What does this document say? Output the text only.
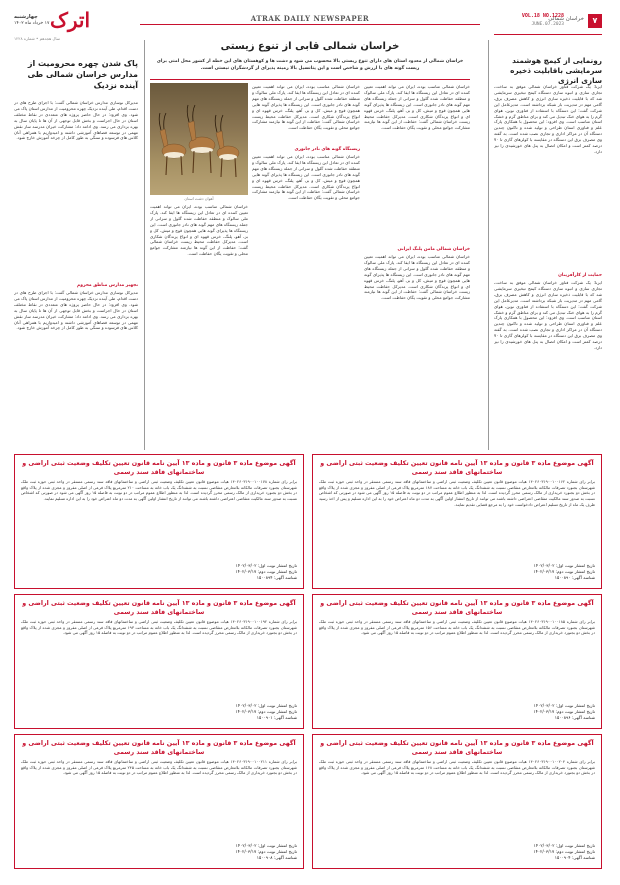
۷
خراسان شمالی
VOL.18 NO.1228
JUNE.07.2023
ATRAK DAILY NEWSPAPER
اترک
چهارشنبه
۱۷ خرداد ماه ۱۴۰۲
سال هجدهم • شماره ۱۲۲۸
رونمایی از کیمچ هوشمند سرمایشی باقابلیت ذخیره سازی انرژی
ایرنا: یک شرکت فناور خراسان شمالی موفق به ساخت، تجاری سازی و انبوه سازی دستگاه کیمچ تبخیری سرمایشی شد که با قابلیت ذخیره سازی انرژی و کاهش مصرف برق، گامی مهم در مدیریت بار شبکه برداشته است. مدیرعامل این شرکت گفت: این دستگاه با استفاده از فناوری نوین، هوای گرم را به هوای خنک تبدیل می کند و برای مناطق گرم و خشک استان مناسب است. وی افزود: این محصول با همکاری پارک علم و فناوری استان طراحی و تولید شده و تاکنون چندین دستگاه آن در مراکز اداری و تجاری نصب شده است. به گفته وی مصرف برق این دستگاه در مقایسه با کولرهای گازی تا ۷۰ درصد کمتر است و امکان اتصال به پنل های خورشیدی را نیز دارد.
حمایت از کارآفرینان
ایرنا: یک شرکت فناور خراسان شمالی موفق به ساخت، تجاری سازی و انبوه سازی دستگاه کیمچ تبخیری سرمایشی شد که با قابلیت ذخیره سازی انرژی و کاهش مصرف برق، گامی مهم در مدیریت بار شبکه برداشته است. مدیرعامل این شرکت گفت: این دستگاه با استفاده از فناوری نوین، هوای گرم را به هوای خنک تبدیل می کند و برای مناطق گرم و خشک استان مناسب است. وی افزود: این محصول با همکاری پارک علم و فناوری استان طراحی و تولید شده و تاکنون چندین دستگاه آن در مراکز اداری و تجاری نصب شده است. به گفته وی مصرف برق این دستگاه در مقایسه با کولرهای گازی تا ۷۰ درصد کمتر است و امکان اتصال به پنل های خورشیدی را نیز دارد.
خراسان شمالی قابی از تنوع زیستی
خراسان شمالی از معدود استان های دارای تنوع زیستی بالا محسوب می شود و دشت ها و کوهستان های این خطه از کشور محل امنی برای زیست گونه های با ارزش و شاخص است و این پتانسیل بالا زمینه پذیرای از گردشگران نیستی است.
آهوان دشت استان
خراسان شمالی مناسب بوده، ایران می تواند اهمیت تعیین کننده ای در تعادل این زیستگاه ها ایفا کند. پارک ملی سالوک و منطقه حفاظت شده گلول و سرانی از جمله زیستگاه های مهم گونه های نادر جانوری است. این زیستگاه ها پذیرای گونه هایی همچون قوچ و میش، کل و بز، آهو، پلنگ، خرس قهوه ای و انواع پرندگان شکاری است. مدیرکل حفاظت محیط زیست خراسان شمالی گفت: حفاظت از این گونه ها نیازمند مشارکت جوامع محلی و تقویت یگان حفاظت است.
زیستگاه گونه های نادر جانوری
خراسان شمالی مناسب بوده، ایران می تواند اهمیت تعیین کننده ای در تعادل این زیستگاه ها ایفا کند. پارک ملی سالوک و منطقه حفاظت شده گلول و سرانی از جمله زیستگاه های مهم گونه های نادر جانوری است. این زیستگاه ها پذیرای گونه هایی همچون قوچ و میش، کل و بز، آهو، پلنگ، خرس قهوه ای و انواع پرندگان شکاری است. مدیرکل حفاظت محیط زیست خراسان شمالی گفت: حفاظت از این گونه ها نیازمند مشارکت جوامع محلی و تقویت یگان حفاظت است.
خراسان شمالی مناسب بوده، ایران می تواند اهمیت تعیین کننده ای در تعادل این زیستگاه ها ایفا کند. پارک ملی سالوک و منطقه حفاظت شده گلول و سرانی از جمله زیستگاه های مهم گونه های نادر جانوری است. این زیستگاه ها پذیرای گونه هایی همچون قوچ و میش، کل و بز، آهو، پلنگ، خرس قهوه ای و انواع پرندگان شکاری است. مدیرکل حفاظت محیط زیست خراسان شمالی گفت: حفاظت از این گونه ها نیازمند مشارکت جوامع محلی و تقویت یگان حفاظت است.
خراسان شمالی مامن پلنگ ایرانی
خراسان شمالی مناسب بوده، ایران می تواند اهمیت تعیین کننده ای در تعادل این زیستگاه ها ایفا کند. پارک ملی سالوک و منطقه حفاظت شده گلول و سرانی از جمله زیستگاه های مهم گونه های نادر جانوری است. این زیستگاه ها پذیرای گونه هایی همچون قوچ و میش، کل و بز، آهو، پلنگ، خرس قهوه ای و انواع پرندگان شکاری است. مدیرکل حفاظت محیط زیست خراسان شمالی گفت: حفاظت از این گونه ها نیازمند مشارکت جوامع محلی و تقویت یگان حفاظت است.
خراسان شمالی مناسب بوده، ایران می تواند اهمیت تعیین کننده ای در تعادل این زیستگاه ها ایفا کند. پارک ملی سالوک و منطقه حفاظت شده گلول و سرانی از جمله زیستگاه های مهم گونه های نادر جانوری است. این زیستگاه ها پذیرای گونه هایی همچون قوچ و میش، کل و بز، آهو، پلنگ، خرس قهوه ای و انواع پرندگان شکاری است. مدیرکل حفاظت محیط زیست خراسان شمالی گفت: حفاظت از این گونه ها نیازمند مشارکت جوامع محلی و تقویت یگان حفاظت است.
پاک شدن چهره محرومیت از مدارس خراسان شمالی طی آینده نزدیک
مدیرکل نوسازی مدارس خراسان شمالی گفت: با اجرای طرح های در دست اقدام، طی آینده نزدیک چهره محرومیت از مدارس استان پاک می شود. وی افزود: در حال حاضر پروژه های متعددی در نقاط مختلف استان در حال اجراست و بخش قابل توجهی از آن ها تا پایان سال به بهره برداری می رسد. وی ادامه داد: مشارکت خیران مدرسه ساز نقش مهمی در توسعه فضاهای آموزشی داشته و امیدواریم با همراهی آنان کلاس های فرسوده و سنگی به طور کامل از چرخه آموزش خارج شود.
تجهیز مدارس مناطق محروم
مدیرکل نوسازی مدارس خراسان شمالی گفت: با اجرای طرح های در دست اقدام، طی آینده نزدیک چهره محرومیت از مدارس استان پاک می شود. وی افزود: در حال حاضر پروژه های متعددی در نقاط مختلف استان در حال اجراست و بخش قابل توجهی از آن ها تا پایان سال به بهره برداری می رسد. وی ادامه داد: مشارکت خیران مدرسه ساز نقش مهمی در توسعه فضاهای آموزشی داشته و امیدواریم با همراهی آنان کلاس های فرسوده و سنگی به طور کامل از چرخه آموزش خارج شود.
آگهی موضوع ماده ۳ قانون و ماده ۱۳ آیین نامه قانون تعیین تکلیف وضعیت ثبتی اراضی و ساختمانهای فاقد سند رسمی
برابر رای شماره ۱۴۰۲۶۰۳۱۹۰۰۱۰۰۱۶۲ هیات موضوع قانون تعیین تکلیف وضعیت ثبتی اراضی و ساختمانهای فاقد سند رسمی مستقر در واحد ثبتی حوزه ثبت ملک شهرستان بجنورد تصرفات مالکانه بلامعارض متقاضی نسبت به ششدانگ یک باب خانه به مساحت ۱۸۷ مترمربع پلاک فرعی از اصلی مفروز و مجزی شده از پلاک واقع در بخش دو بجنورد خریداری از مالک رسمی محرز گردیده است. لذا به منظور اطلاع عموم مراتب در دو نوبت به فاصله ۱۵ روز آگهی می شود در صورتی که اشخاص نسبت به صدور سند مالکیت متقاضی اعتراضی داشته باشند می توانند از تاریخ انتشار اولین آگهی به مدت دو ماه اعتراض خود را به این اداره تسلیم و پس از اخذ رسید ظرف یک ماه از تاریخ تسلیم اعتراض دادخواست خود را به مرجع قضایی تقدیم نمایند.
تاریخ انتشار نوبت اول: ۱۴۰۲/۰۳/۰۲
تاریخ انتشار نوبت دوم: ۱۴۰۲/۰۳/۱۷
شناسه آگهی: ۱۵۰۰۸۹۰
آگهی موضوع ماده ۳ قانون و ماده ۱۳ آیین نامه قانون تعیین تکلیف وضعیت ثبتی اراضی و ساختمانهای فاقد سند رسمی
برابر رای شماره ۱۴۰۲۶۰۳۱۹۰۰۱۰۰۱۷۸ هیات موضوع قانون تعیین تکلیف وضعیت ثبتی اراضی و ساختمانهای فاقد سند رسمی مستقر در واحد ثبتی حوزه ثبت ملک شهرستان بجنورد تصرفات مالکانه بلامعارض متقاضی نسبت به ششدانگ یک باب خانه به مساحت ۲۱۰ مترمربع پلاک فرعی از اصلی مفروز و مجزی شده از پلاک واقع در بخش دو بجنورد خریداری از مالک رسمی محرز گردیده است. لذا به منظور اطلاع عموم مراتب در دو نوبت به فاصله ۱۵ روز آگهی می شود در صورتی که اشخاص نسبت به صدور سند مالکیت متقاضی اعتراضی داشته باشند می توانند از تاریخ انتشار اولین آگهی به مدت دو ماه اعتراض خود را به این اداره تسلیم نمایند.
تاریخ انتشار نوبت اول: ۱۴۰۲/۰۳/۰۲
تاریخ انتشار نوبت دوم: ۱۴۰۲/۰۳/۱۷
شناسه آگهی: ۱۵۰۰۸۹۴
آگهی موضوع ماده ۳ قانون و ماده ۱۳ آیین نامه قانون تعیین تکلیف وضعیت ثبتی اراضی و ساختمانهای فاقد سند رسمی
برابر رای شماره ۱۴۰۲۶۰۳۱۹۰۰۱۰۰۱۸۵ هیات موضوع قانون تعیین تکلیف وضعیت ثبتی اراضی و ساختمانهای فاقد سند رسمی مستقر در واحد ثبتی حوزه ثبت ملک شهرستان بجنورد تصرفات مالکانه بلامعارض متقاضی نسبت به ششدانگ یک باب خانه به مساحت ۱۵۶ مترمربع پلاک فرعی از اصلی مفروز و مجزی شده از پلاک واقع در بخش دو بجنورد خریداری از مالک رسمی محرز گردیده است. لذا به منظور اطلاع عموم مراتب در دو نوبت به فاصله ۱۵ روز آگهی می شود.
تاریخ انتشار نوبت اول: ۱۴۰۲/۰۳/۰۲
تاریخ انتشار نوبت دوم: ۱۴۰۲/۰۳/۱۷
شناسه آگهی: ۱۵۰۰۸۹۶
آگهی موضوع ماده ۳ قانون و ماده ۱۳ آیین نامه قانون تعیین تکلیف وضعیت ثبتی اراضی و ساختمانهای فاقد سند رسمی
برابر رای شماره ۱۴۰۲۶۰۳۱۹۰۰۱۰۰۱۹۲ هیات موضوع قانون تعیین تکلیف وضعیت ثبتی اراضی و ساختمانهای فاقد سند رسمی مستقر در واحد ثبتی حوزه ثبت ملک شهرستان بجنورد تصرفات مالکانه بلامعارض متقاضی نسبت به ششدانگ یک باب خانه به مساحت ۱۹۳ مترمربع پلاک فرعی از اصلی مفروز و مجزی شده از پلاک واقع در بخش دو بجنورد خریداری از مالک رسمی محرز گردیده است. لذا به منظور اطلاع عموم مراتب در دو نوبت به فاصله ۱۵ روز آگهی می شود.
تاریخ انتشار نوبت اول: ۱۴۰۲/۰۳/۰۲
تاریخ انتشار نوبت دوم: ۱۴۰۲/۰۳/۱۷
شناسه آگهی: ۱۵۰۰۹۰۱
آگهی موضوع ماده ۳ قانون و ماده ۱۳ آیین نامه قانون تعیین تکلیف وضعیت ثبتی اراضی و ساختمانهای فاقد سند رسمی
برابر رای شماره ۱۴۰۲۶۰۳۱۹۰۰۱۰۰۲۰۴ هیات موضوع قانون تعیین تکلیف وضعیت ثبتی اراضی و ساختمانهای فاقد سند رسمی مستقر در واحد ثبتی حوزه ثبت ملک شهرستان بجنورد تصرفات مالکانه بلامعارض متقاضی نسبت به ششدانگ یک باب خانه به مساحت ۱۶۸ مترمربع پلاک فرعی از اصلی مفروز و مجزی شده از پلاک واقع در بخش دو بجنورد خریداری از مالک رسمی محرز گردیده است. لذا به منظور اطلاع عموم مراتب در دو نوبت به فاصله ۱۵ روز آگهی می شود.
تاریخ انتشار نوبت اول: ۱۴۰۲/۰۳/۰۲
تاریخ انتشار نوبت دوم: ۱۴۰۲/۰۳/۱۷
شناسه آگهی: ۱۵۰۰۹۰۴
آگهی موضوع ماده ۳ قانون و ماده ۱۳ آیین نامه قانون تعیین تکلیف وضعیت ثبتی اراضی و ساختمانهای فاقد سند رسمی
برابر رای شماره ۱۴۰۲۶۰۳۱۹۰۰۱۰۰۲۱۱ هیات موضوع قانون تعیین تکلیف وضعیت ثبتی اراضی و ساختمانهای فاقد سند رسمی مستقر در واحد ثبتی حوزه ثبت ملک شهرستان بجنورد تصرفات مالکانه بلامعارض متقاضی نسبت به ششدانگ یک باب خانه به مساحت ۲۴۵ مترمربع پلاک فرعی از اصلی مفروز و مجزی شده از پلاک واقع در بخش دو بجنورد خریداری از مالک رسمی محرز گردیده است. لذا به منظور اطلاع عموم مراتب در دو نوبت به فاصله ۱۵ روز آگهی می شود.
تاریخ انتشار نوبت اول: ۱۴۰۲/۰۳/۰۲
تاریخ انتشار نوبت دوم: ۱۴۰۲/۰۳/۱۷
شناسه آگهی: ۱۵۰۰۹۰۸
